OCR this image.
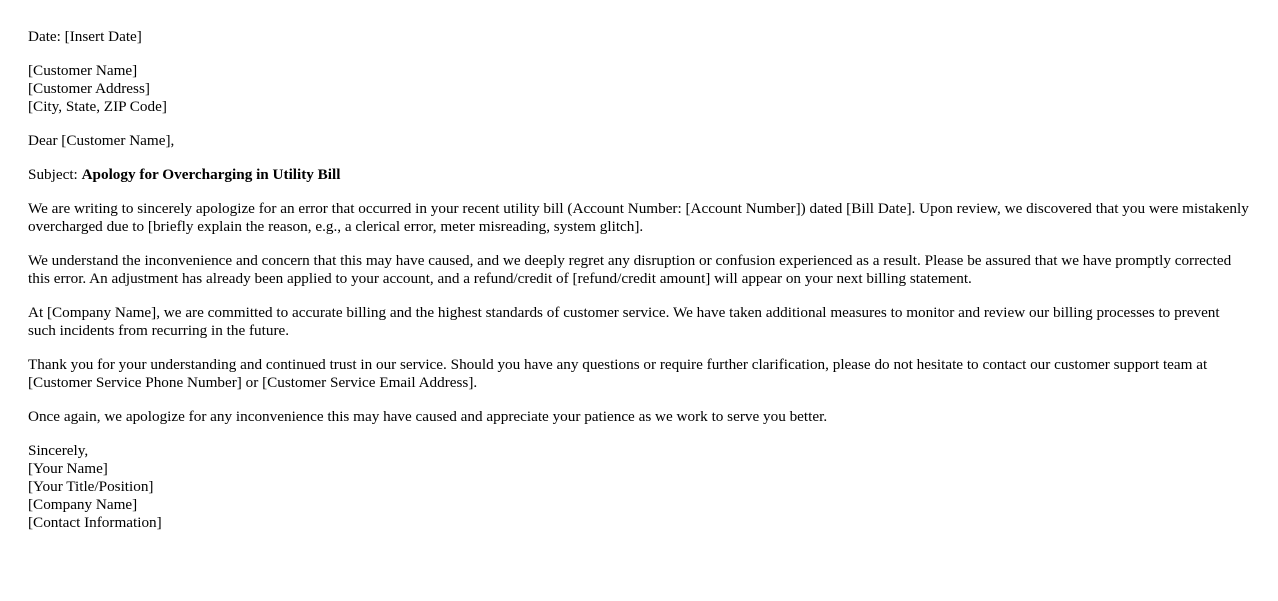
Date: [Insert Date]
[Customer Name]
[Customer Address]
[City, State, ZIP Code]
Dear [Customer Name],
Subject: Apology for Overcharging in Utility Bill

We are writing to sincerely apologize for an error that occurred in your recent utility bill (Account Number: [Account Number]) dated [Bill Date]. Upon review, we discovered that you were mistakenly overcharged due to [briefly explain the reason, e.g., a clerical error, meter misreading, system glitch].

We understand the inconvenience and concern that this may have caused, and we deeply regret any disruption or confusion experienced as a result. Please be assured that we have promptly corrected this error. An adjustment has already been applied to your account, and a refund/credit of [refund/credit amount] will appear on your next billing statement.

At [Company Name], we are committed to accurate billing and the highest standards of customer service. We have taken additional measures to monitor and review our billing processes to prevent such incidents from recurring in the future.

Thank you for your understanding and continued trust in our service. Should you have any questions or require further clarification, please do not hesitate to contact our customer support team at [Customer Service Phone Number] or [Customer Service Email Address].

Once again, we apologize for any inconvenience this may have caused and appreciate your patience as we work to serve you better.

Sincerely,
[Your Name]
[Your Title/Position]
[Company Name]
[Contact Information]
